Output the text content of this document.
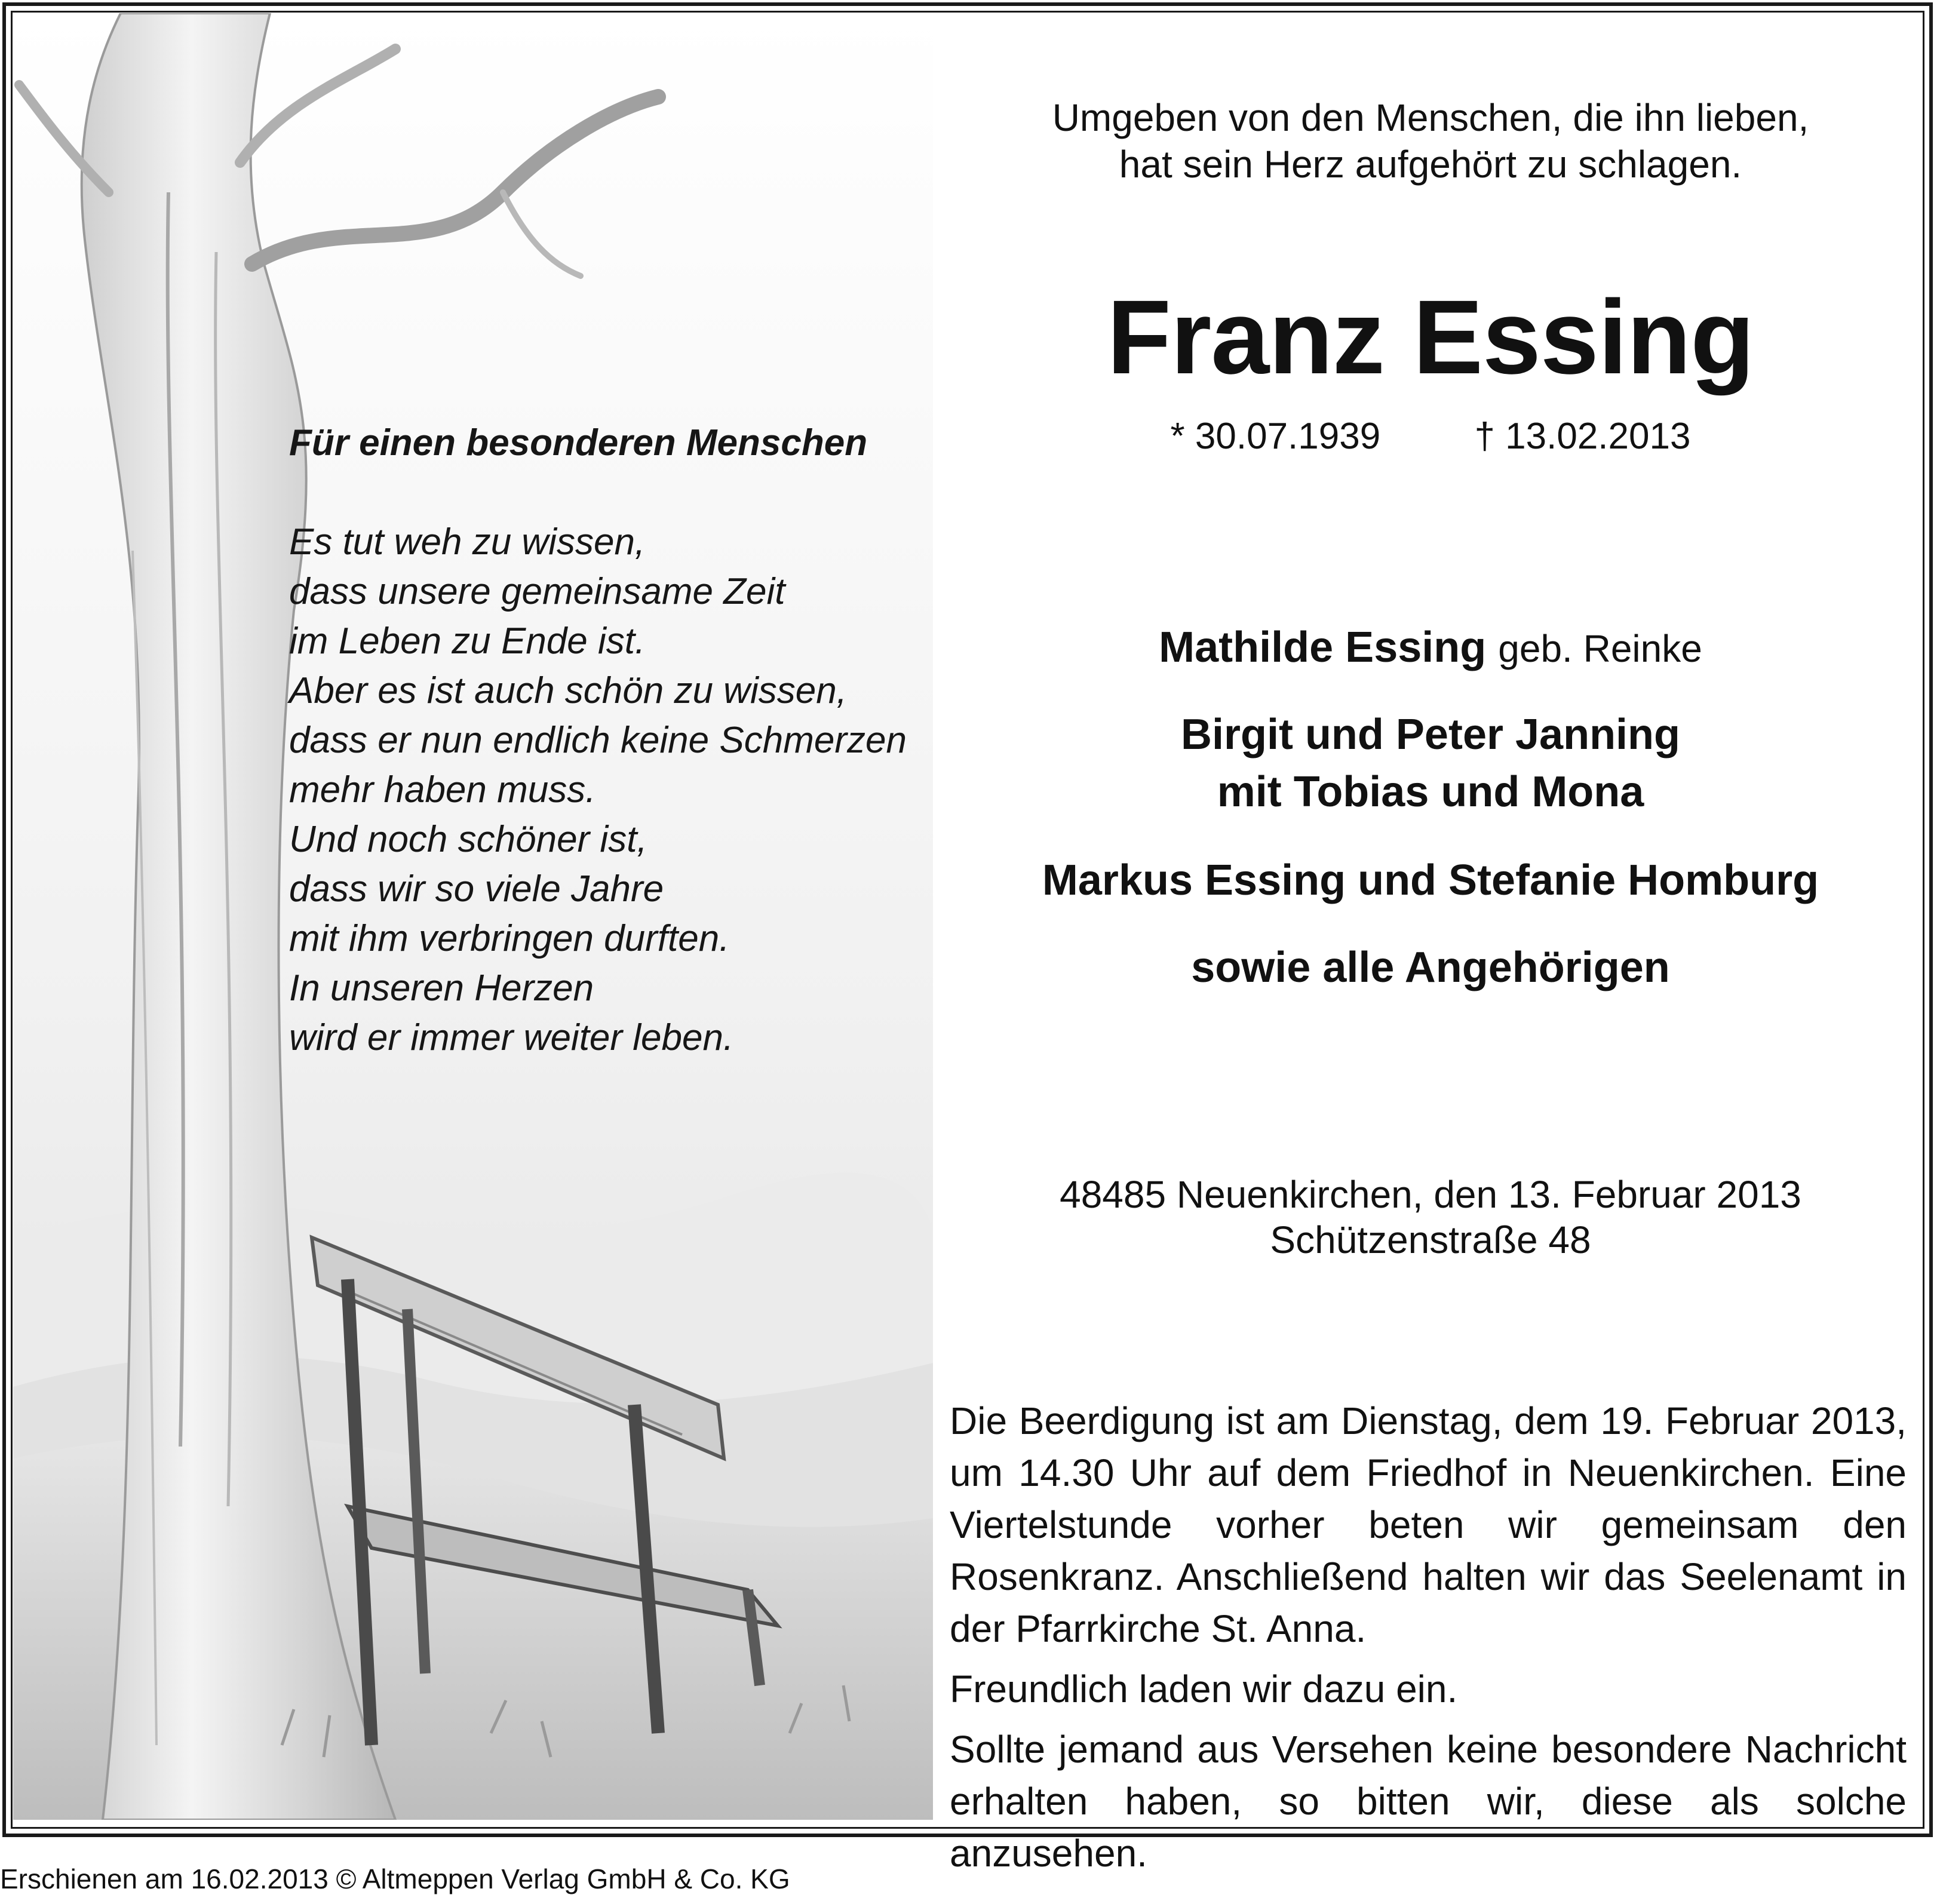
Für einen besonderen Menschen
Es tut weh zu wissen,
dass unsere gemeinsame Zeit
im Leben zu Ende ist.
Aber es ist auch schön zu wissen,
dass er nun endlich keine Schmerzen
mehr haben muss.
Und noch schöner ist,
dass wir so viele Jahre
mit ihm verbringen durften.
In unseren Herzen
wird er immer weiter leben.
Umgeben von den Menschen, die ihn lieben,
hat sein Herz aufgehört zu schlagen.
Franz Essing
* 30.07.1939	† 13.02.2013
Mathilde Essing geb. Reinke
Birgit und Peter Janning
mit Tobias und Mona
Markus Essing und Stefanie Homburg
sowie alle Angehörigen
48485 Neuenkirchen, den 13. Februar 2013
Schützenstraße 48

Die Beerdigung ist am Dienstag, dem 19. Februar 2013, um 14.30 Uhr auf dem Friedhof in Neuenkirchen. Eine Viertelstunde vorher beten wir gemeinsam den Rosenkranz. Anschließend halten wir das Seelenamt in der Pfarrkirche St. Anna.

Freundlich laden wir dazu ein.

Sollte jemand aus Versehen keine besondere Nachricht erhalten haben, so bitten wir, diese als solche anzusehen.

Erschienen am 16.02.2013 © Altmeppen Verlag GmbH & Co. KG
